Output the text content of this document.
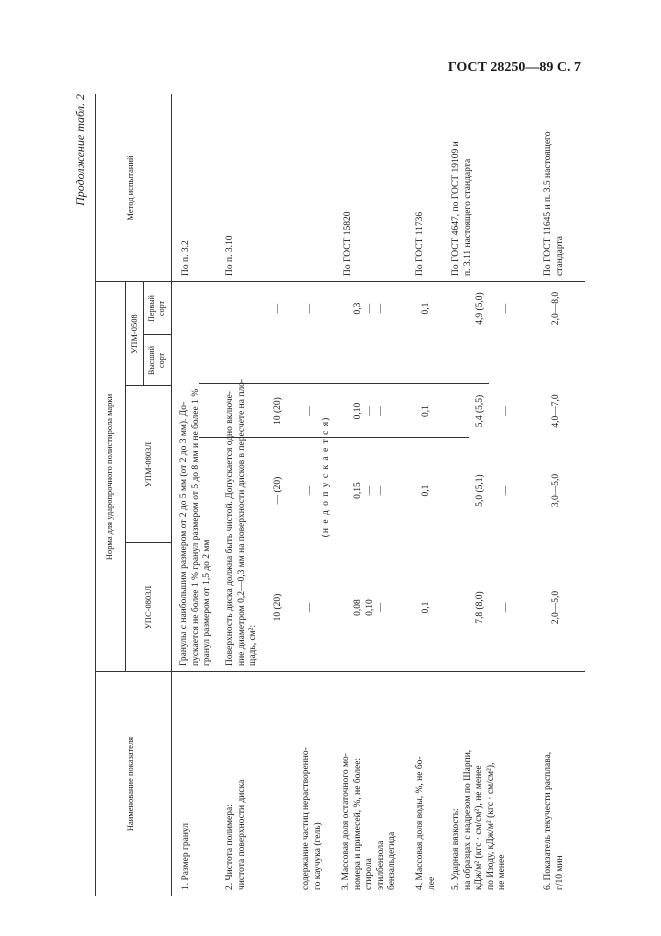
ГОСТ 28250—89 С. 7
Продолжение табл. 2
Наименование показателя
Норма для ударопрочного полистирола марки
УПС-0803Л
УПМ-0803Л
УПМ-0508
Высший сорт
Первый сорт
Метод испытаний
1. Размер гранул
Гранулы с наибольшим размером от 2 до 5 мм (от 2 до 3 мм). До- пускается не более 1 % гранул размером от 5 до 8 мм и не более 1 % гранул размером от 1,5 до 2 мм
По п. 3.2
2. Чистота полимера: чистота поверхности диска
Поверхность диска должна быть чистой. Допускается одно включе- ние диаметром 0,2—0,3 мм на поверхности дисков в пересчете на пло- щадь, см²:
По п. 3.10
10 (20)
— (20)
10 (20)
—
содержание частиц нерастворенно- го каучука (гель)
—
—
—
—
(н е д о п у с к а е т с я)
3. Массовая доля остаточного мо- номера и примесей, %, не более: стирола этилбензола бензальдегида
По ГОСТ 15820
0,08 0,10 —
0,15 — —
0,10 — —
0,3 — —
4. Массовая доля воды, %, не бо- лее
По ГОСТ 11736
0,1
0,1
0,1
0,1
5. Ударная вязкость: на образцах с надрезом по Шарпи, кДж/м² (кгс · см/см²), не менее по Изоду, кДж/м² (кгс · см/см²), не менее
По ГОСТ 4647, по ГОСТ 19109 и п. 3.11 настоящего стандарта
7,8 (8,0) —
5,0 (5,1) —
5,4 (5,5) —
4,9 (5,0) —
6. Показатель текучести расплава, г/10 мин
По ГОСТ 11645 и п. 3.5 настоящего стандарта
2,0—5,0
3,0—5,0
4,0—7,0
2,0—8,0
